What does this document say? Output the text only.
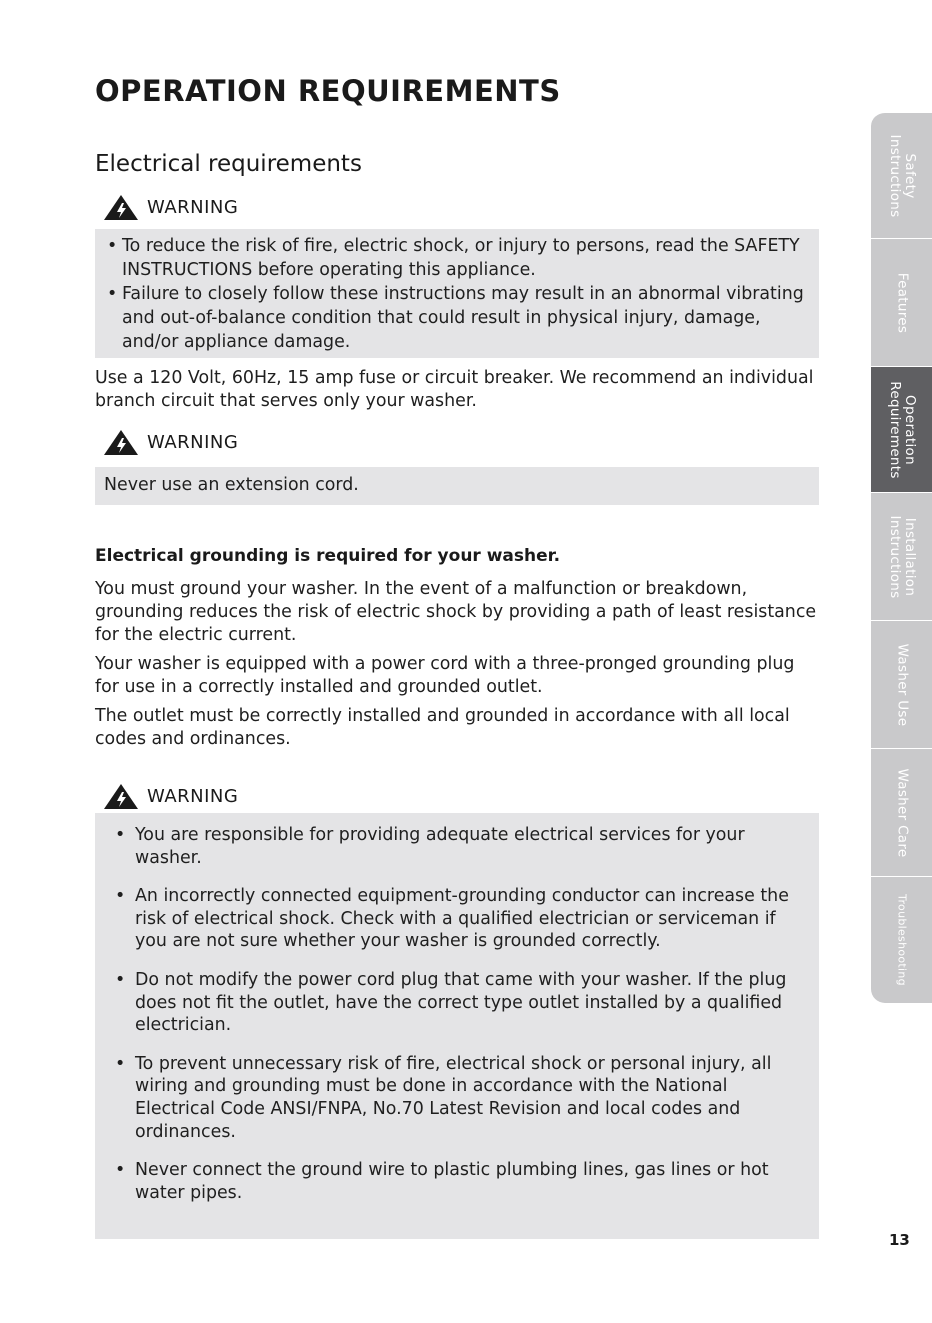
OPERATION REQUIREMENTS
Electrical requirements
WARNING
• To reduce the risk of fire, electric shock, or injury to persons, read the SAFETY INSTRUCTIONS before operating this appliance.
• Failure to closely follow these instructions may result in an abnormal vibrating and out-of-balance condition that could result in physical injury, damage, and/or appliance damage.
Use a 120 Volt, 60Hz, 15 amp fuse or circuit breaker. We recommend an individual branch circuit that serves only your washer.
WARNING
Never use an extension cord.
Electrical grounding is required for your washer.
You must ground your washer. In the event of a malfunction or breakdown, grounding reduces the risk of electric shock by providing a path of least resistance for the electric current.
Your washer is equipped with a power cord with a three-pronged grounding plug for use in a correctly installed and grounded outlet.
The outlet must be correctly installed and grounded in accordance with all local codes and ordinances.
WARNING
• You are responsible for providing adequate electrical services for your washer.
• An incorrectly connected equipment-grounding conductor can increase the risk of electrical shock. Check with a qualified electrician or serviceman if you are not sure whether your washer is grounded correctly.
• Do not modify the power cord plug that came with your washer. If the plug does not fit the outlet, have the correct type outlet installed by a qualified electrician.
• To prevent unnecessary risk of fire, electrical shock or personal injury, all wiring and grounding must be done in accordance with the National Electrical Code ANSI/FNPA, No.70 Latest Revision and local codes and ordinances.
• Never connect the ground wire to plastic plumbing lines, gas lines or hot water pipes.
Safety
Instructions
Features
Operation
Requirements
Installation
Instructions
Washer Use
Washer Care
Troubleshooting
13
